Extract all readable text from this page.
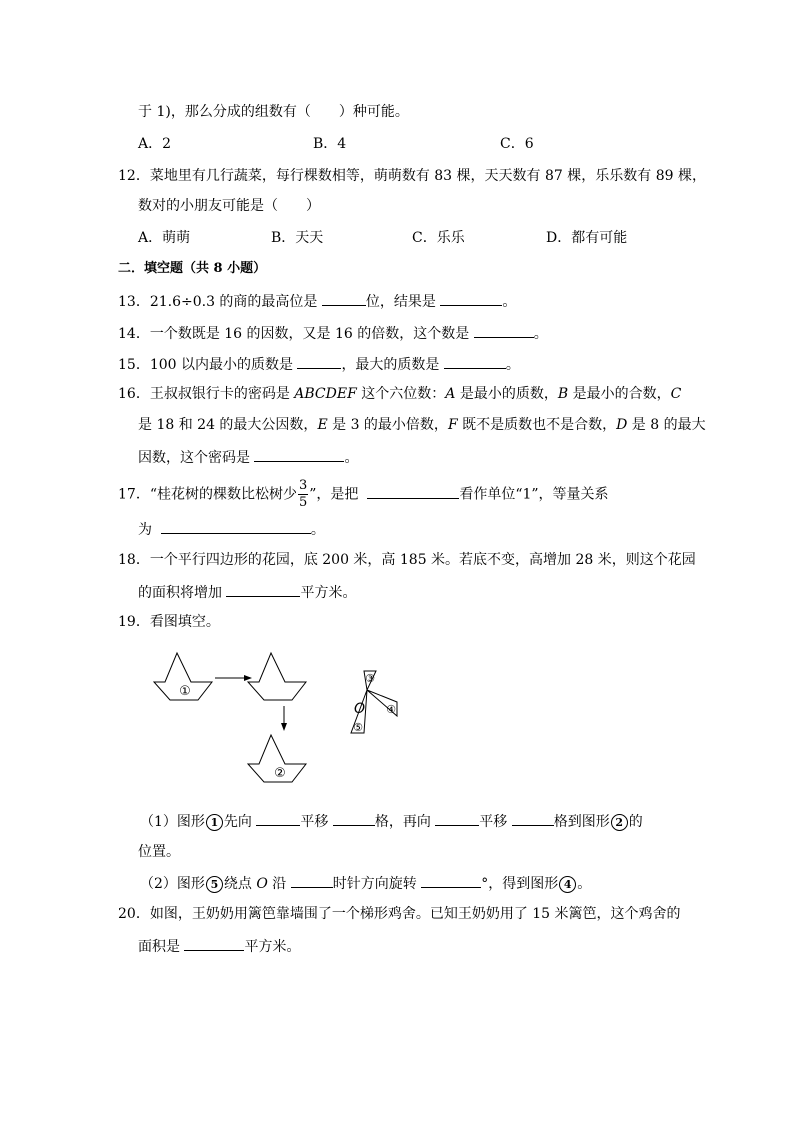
于 1)，那么分成的组数有（　　）种可能。
A．2	B．4	C．6
12．菜地里有几行蔬菜，每行棵数相等，萌萌数有 83 棵，天天数有 87 棵，乐乐数有 89 棵，
数对的小朋友可能是（　　）
A．萌萌	B．天天	C．乐乐	D．都有可能
二．填空题（共 8 小题）
13．21.6÷0.3 的商的最高位是	位，结果是	。
14．一个数既是 16 的因数，又是 16 的倍数，这个数是	。
15．100 以内最小的质数是	，最大的质数是	。
16．王叔叔银行卡的密码是 ABCDEF 这个六位数：A 是最小的质数，B 是最小的合数，C
是 18 和 24 的最大公因数，E 是 3 的最小倍数，F 既不是质数也不是合数，D 是 8 的最大
因数，这个密码是	。
17．“桂花树的棵数比松树少 $\frac{3}{5}$ ”，是把	看作单位“1”，等量关系
为	。
18．一个平行四边形的花园，底 200 米，高 185 米。若底不变，高增加 28 米，则这个花园
的面积将增加	平方米。
19．看图填空。
①
②
③
④
⑤
O
（1）图形 1 先向	平移	格，再向	平移	格到图形 2 的
位置。
（2）图形 5 绕点 O 沿	时针方向旋转	°，得到图形 4 。
20．如图，王奶奶用篱笆靠墙围了一个梯形鸡舍。已知王奶奶用了 15 米篱笆，这个鸡舍的
面积是	平方米。
